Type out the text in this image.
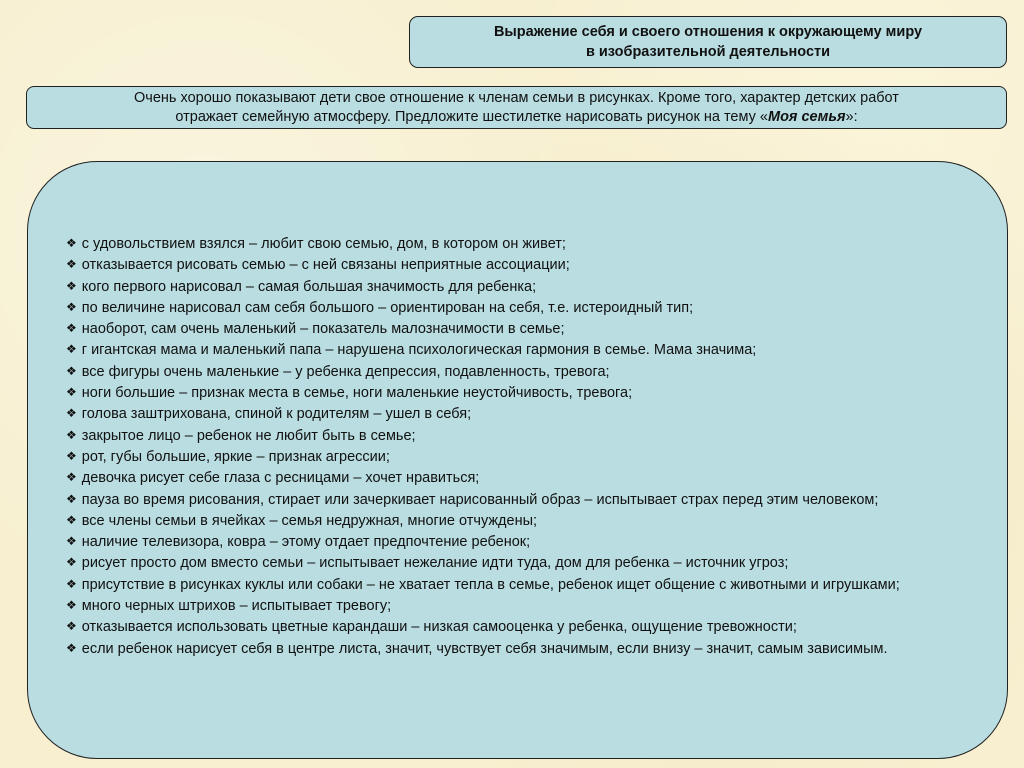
Выражение себя и своего отношения к окружающему миру
в изобразительной деятельности
Очень хорошо показывают дети свое отношение к членам семьи в рисунках. Кроме того, характер детских работ
отражает семейную атмосферу. Предложите шестилетке нарисовать рисунок на тему «Моя семья»:
❖ с удовольствием взялся – любит свою семью, дом, в котором он живет;
❖ отказывается рисовать семью – с ней связаны неприятные ассоциации;
❖ кого первого нарисовал – самая большая значимость для ребенка;
❖ по величине нарисовал сам себя большого – ориентирован на себя, т.е. истероидный тип;
❖ наоборот, сам очень маленький – показатель малозначимости в семье;
❖ г игантская мама и маленький папа – нарушена психологическая гармония в семье. Мама значима;
❖ все фигуры очень маленькие – у ребенка депрессия, подавленность, тревога;
❖ ноги большие – признак места в семье, ноги маленькие неустойчивость, тревога;
❖ голова заштрихована, спиной к родителям – ушел в себя;
❖ закрытое лицо – ребенок не любит быть в семье;
❖ рот, губы большие, яркие – признак агрессии;
❖ девочка рисует себе глаза с ресницами – хочет нравиться;
❖ пауза во время рисования, стирает или зачеркивает нарисованный образ – испытывает страх перед этим человеком;
❖ все члены семьи в ячейках – семья недружная, многие отчуждены;
❖ наличие телевизора, ковра – этому отдает предпочтение ребенок;
❖ рисует просто дом вместо семьи – испытывает нежелание идти туда, дом для ребенка – источник угроз;
❖ присутствие в рисунках куклы или собаки – не хватает тепла в семье, ребенок ищет общение с животными и игрушками;
❖ много черных штрихов – испытывает тревогу;
❖ отказывается использовать цветные карандаши – низкая самооценка у ребенка, ощущение тревожности;
❖ если ребенок нарисует себя в центре листа, значит, чувствует себя значимым, если внизу – значит, самым зависимым.
